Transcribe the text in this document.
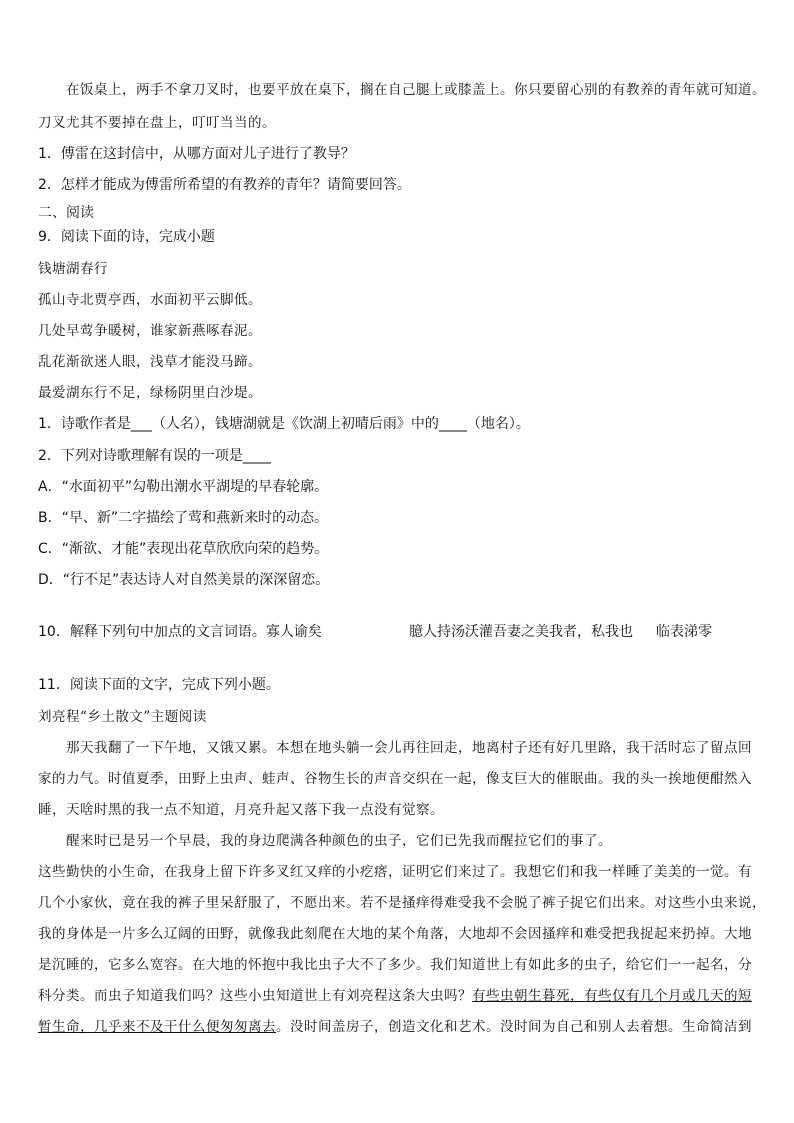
在饭桌上，两手不拿刀叉时，也要平放在桌下，搁在自己腿上或膝盖上。你只要留心别的有教养的青年就可知道。
刀叉尤其不要掉在盘上，叮叮当当的。
1．傅雷在这封信中，从哪方面对儿子进行了教导？
2．怎样才能成为傅雷所希望的有教养的青年？请简要回答。
二、阅读
9．阅读下面的诗，完成小题
钱塘湖春行
孤山寺北贾亭西，水面初平云脚低。
几处早莺争暖树，谁家新燕啄春泥。
乱花渐欲迷人眼，浅草才能没马蹄。
最爱湖东行不足，绿杨阴里白沙堤。
1．诗歌作者是___（人名），钱塘湖就是《饮湖上初晴后雨》中的____（地名）。
2．下列对诗歌理解有误的一项是____
A．“水面初平”勾勒出潮水平湖堤的早春轮廓。
B．“早、新”二字描绘了莺和燕新来时的动态。
C．“渐欲、才能”表现出花草欣欣向荣的趋势。
D．“行不足”表达诗人对自然美景的深深留恋。
10．解释下列句中加点的文言词语。寡人谕矣	臆人持汤沃灌吾妻之美我者，私我也 临表涕零
11．阅读下面的文字，完成下列小题。
刘亮程“乡土散文”主题阅读
那天我翻了一下午地，又饿又累。本想在地头躺一会儿再往回走，地离村子还有好几里路，我干活时忘了留点回
家的力气。时值夏季，田野上虫声、蛙声、谷物生长的声音交织在一起，像支巨大的催眠曲。我的头一挨地便酣然入
睡，天啥时黑的我一点不知道，月亮升起又落下我一点没有觉察。
醒来时已是另一个早晨，我的身边爬满各种颜色的虫子，它们已先我而醒拉它们的事了。
这些勤快的小生命，在我身上留下许多叉红又痒的小疙瘩，证明它们来过了。我想它们和我一样睡了美美的一觉。有
几个小家伙，竟在我的裤子里呆舒服了，不愿出来。若不是搔痒得难受我不会脱了裤子捉它们出来。对这些小虫来说，
我的身体是一片多么辽阔的田野，就像我此刻爬在大地的某个角落，大地却不会因搔痒和难受把我捉起来扔掉。大地
是沉睡的，它多么宽容。在大地的怀抱中我比虫子大不了多少。我们知道世上有如此多的虫子，给它们一一起名，分
科分类。而虫子知道我们吗？这些小虫知道世上有刘亮程这条大虫吗？有些虫朝生暮死，有些仅有几个月或几天的短
暂生命，几乎来不及干什么便匆匆离去。没时间盖房子，创造文化和艺术。没时间为自己和别人去着想。生命简洁到
